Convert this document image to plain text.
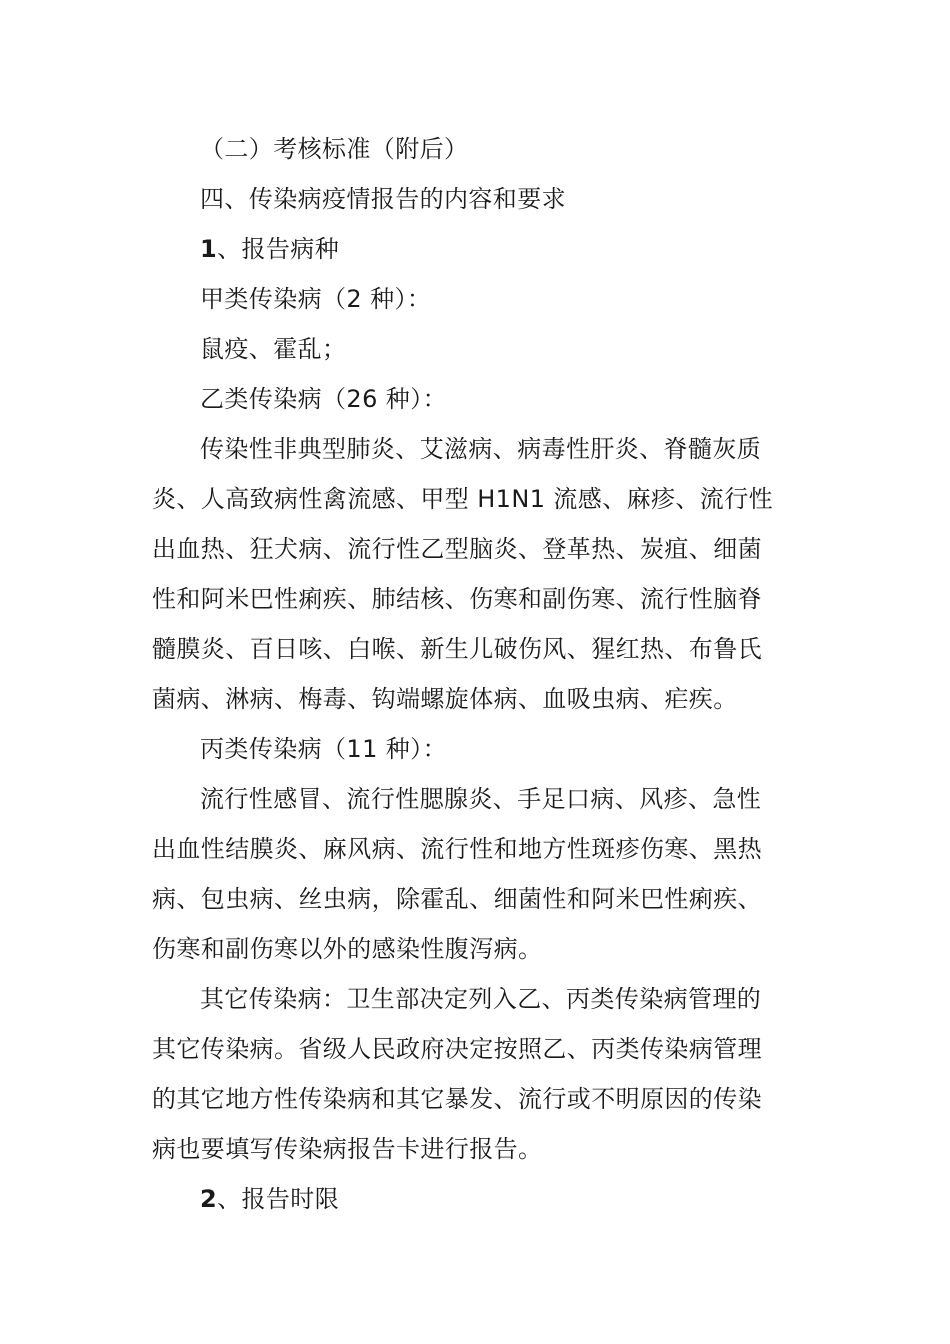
（二）考核标准（附后）
四、传染病疫情报告的内容和要求
1、报告病种
甲类传染病（2 种）：
鼠疫、霍乱；
乙类传染病（26 种）：
传染性非典型肺炎、艾滋病、病毒性肝炎、脊髓灰质
炎、人高致病性禽流感、甲型 H1N1 流感、麻疹、流行性
出血热、狂犬病、流行性乙型脑炎、登革热、炭疽、细菌
性和阿米巴性痢疾、肺结核、伤寒和副伤寒、流行性脑脊
髓膜炎、百日咳、白喉、新生儿破伤风、猩红热、布鲁氏
菌病、淋病、梅毒、钩端螺旋体病、血吸虫病、疟疾。
丙类传染病（11 种）：
流行性感冒、流行性腮腺炎、手足口病、风疹、急性
出血性结膜炎、麻风病、流行性和地方性斑疹伤寒、黑热
病、包虫病、丝虫病，除霍乱、细菌性和阿米巴性痢疾、
伤寒和副伤寒以外的感染性腹泻病。
其它传染病：卫生部决定列入乙、丙类传染病管理的
其它传染病。省级人民政府决定按照乙、丙类传染病管理
的其它地方性传染病和其它暴发、流行或不明原因的传染
病也要填写传染病报告卡进行报告。
2、报告时限
